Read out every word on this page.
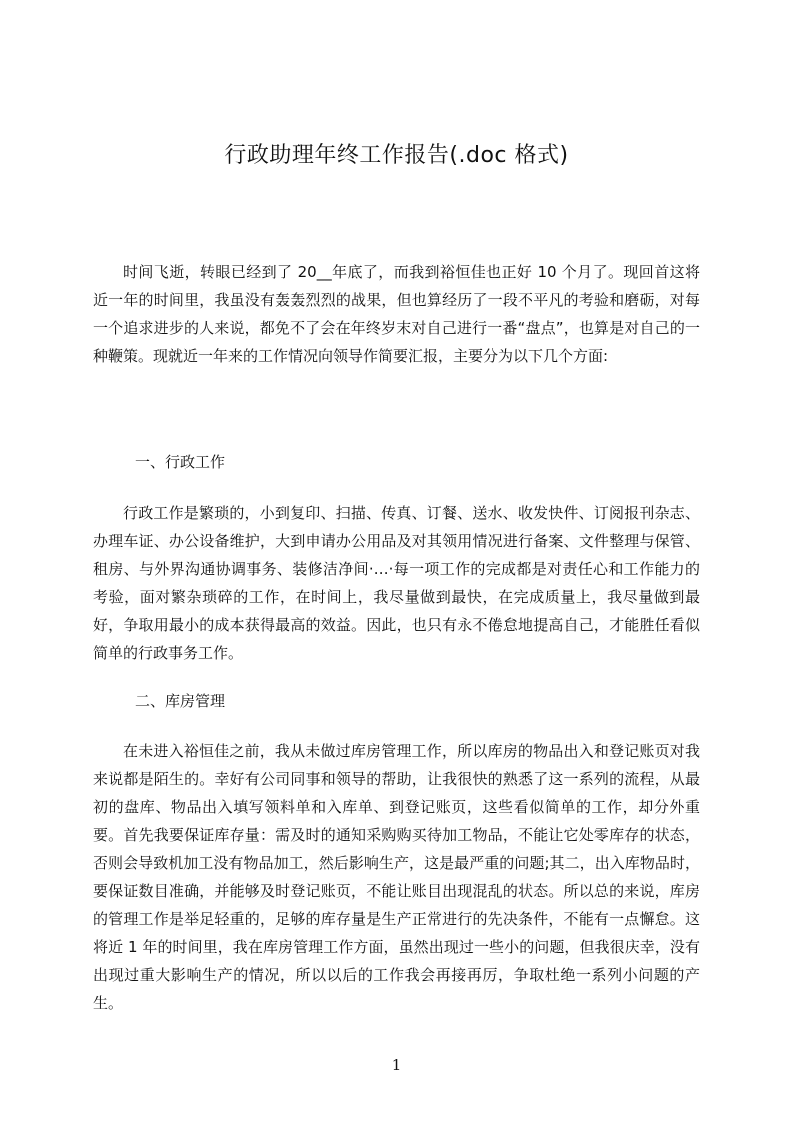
行政助理年终工作报告(.doc 格式)

时间飞逝，转眼已经到了 20__年底了，而我到裕恒佳也正好 10 个月了。现回首这将近一年的时间里，我虽没有轰轰烈烈的战果，但也算经历了一段不平凡的考验和磨砺，对每一个追求进步的人来说，都免不了会在年终岁末对自己进行一番“盘点”，也算是对自己的一种鞭策。现就近一年来的工作情况向领导作简要汇报，主要分为以下几个方面:

一、行政工作

行政工作是繁琐的，小到复印、扫描、传真、订餐、送水、收发快件、订阅报刊杂志、办理车证、办公设备维护，大到申请办公用品及对其领用情况进行备案、文件整理与保管、租房、与外界沟通协调事务、装修洁净间·…·每一项工作的完成都是对责任心和工作能力的考验，面对繁杂琐碎的工作，在时间上，我尽量做到最快，在完成质量上，我尽量做到最好，争取用最小的成本获得最高的效益。因此，也只有永不倦怠地提高自己，才能胜任看似简单的行政事务工作。

二、库房管理

在未进入裕恒佳之前，我从未做过库房管理工作，所以库房的物品出入和登记账页对我来说都是陌生的。幸好有公司同事和领导的帮助，让我很快的熟悉了这一系列的流程，从最初的盘库、物品出入填写领料单和入库单、到登记账页，这些看似简单的工作，却分外重要。首先我要保证库存量：需及时的通知采购购买待加工物品，不能让它处零库存的状态，否则会导致机加工没有物品加工，然后影响生产，这是最严重的问题;其二，出入库物品时，要保证数目准确，并能够及时登记账页，不能让账目出现混乱的状态。所以总的来说，库房的管理工作是举足轻重的，足够的库存量是生产正常进行的先决条件，不能有一点懈怠。这将近 1 年的时间里，我在库房管理工作方面，虽然出现过一些小的问题，但我很庆幸，没有出现过重大影响生产的情况，所以以后的工作我会再接再厉，争取杜绝一系列小问题的产生。

1
